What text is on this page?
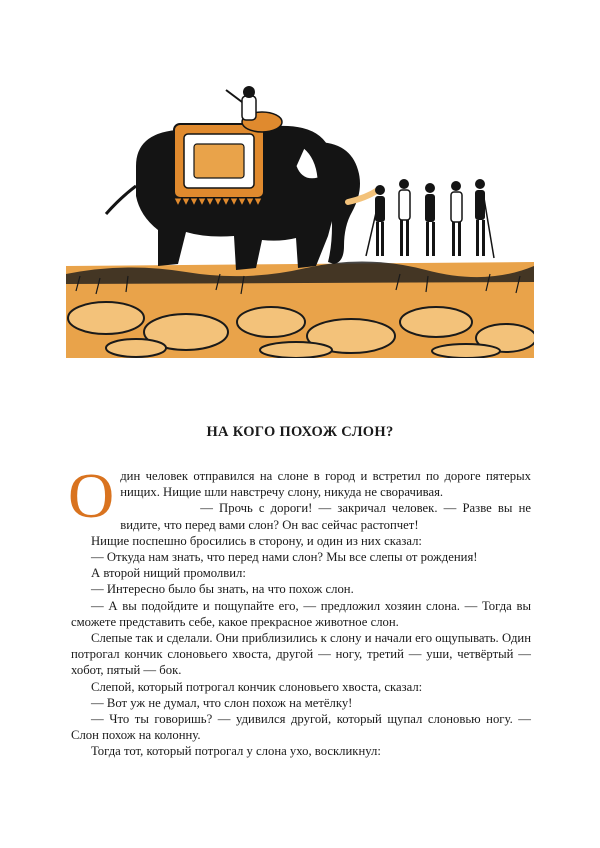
НА КОГО ПОХОЖ СЛОН?
О дин человек отправился на слоне в город и встретил по дороге пятерых нищих. Нищие шли навстречу слону, никуда не сворачивая.

— Прочь с дороги! — закричал человек. — Разве вы не видите, что перед вами слон? Он вас сейчас растопчет!

Нищие поспешно бросились в сторону, и один из них сказал:

— Откуда нам знать, что перед нами слон? Мы все слепы от рождения!

А второй нищий промолвил:

— Интересно было бы знать, на что похож слон.

— А вы подойдите и пощупайте его, — предложил хозяин слона. — Тогда вы сможете представить себе, какое прекрасное животное слон.

Слепые так и сделали. Они приблизились к слону и начали его ощупывать. Один потрогал кончик слоновьего хвоста, другой — ногу, третий — уши, четвёртый — хобот, пятый — бок.

Слепой, который потрогал кончик слоновьего хвоста, сказал:

— Вот уж не думал, что слон похож на метёлку!

— Что ты говоришь? — удивился другой, который щупал слоновью ногу. — Слон похож на колонну.

Тогда тот, который потрогал у слона ухо, воскликнул:
